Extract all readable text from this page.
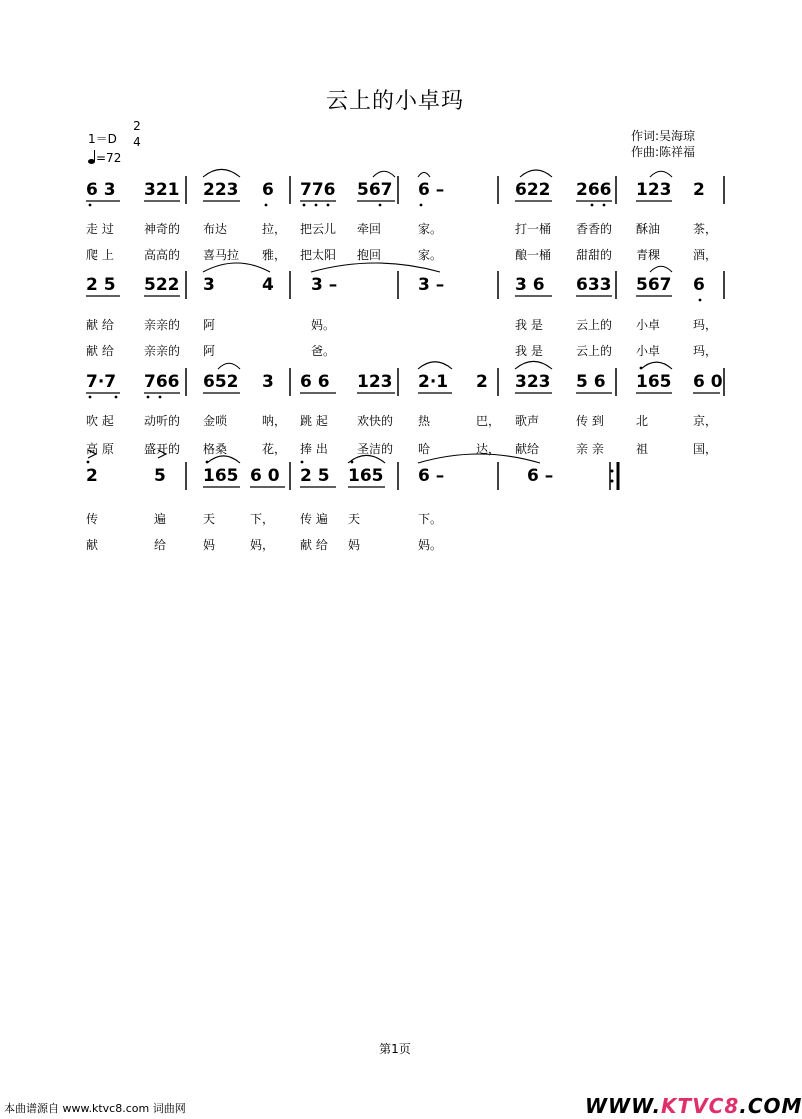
云上的小卓玛
1＝D
2
4
=72
作词:吴海琼
作曲:陈祥福
6 3 321 223 6 776 567 6 –	622 266 123 2
走 过	神奇的 布达	拉， 把云儿 牵回	家。	打一桶 香香的 酥油	茶，
爬 上	高高的 喜马拉 雅， 把太阳 抱回	家。	酿一桶 甜甜的 青稞	酒，
2 5 522 3	4 3 –	3 –	3 6 633 567 6
献 给	亲亲的 阿	妈。	我 是	云上的 小卓	玛，
献 给	亲亲的 阿	爸。	我 是	云上的 小卓	玛，
7·7 766 652 3 6 6 123 2·1 2 323 5 6 165 6 0
吹 起	动听的 金唢	呐， 跳 起 欢快的 热	巴， 歌声	传 到	北	京，
高 原	盛开的 格桑	花， 捧 出 圣洁的 哈	达， 献给	亲 亲	祖	国，
2	5 165 6 0 2 5 165 6 –	6 –
传	遍	天	下， 传 遍 天	下。
献	给	妈	妈， 献 给 妈	妈。
第1页
本曲谱源自 www.ktvc8.com 词曲网	WWW.KTVC8.COM
